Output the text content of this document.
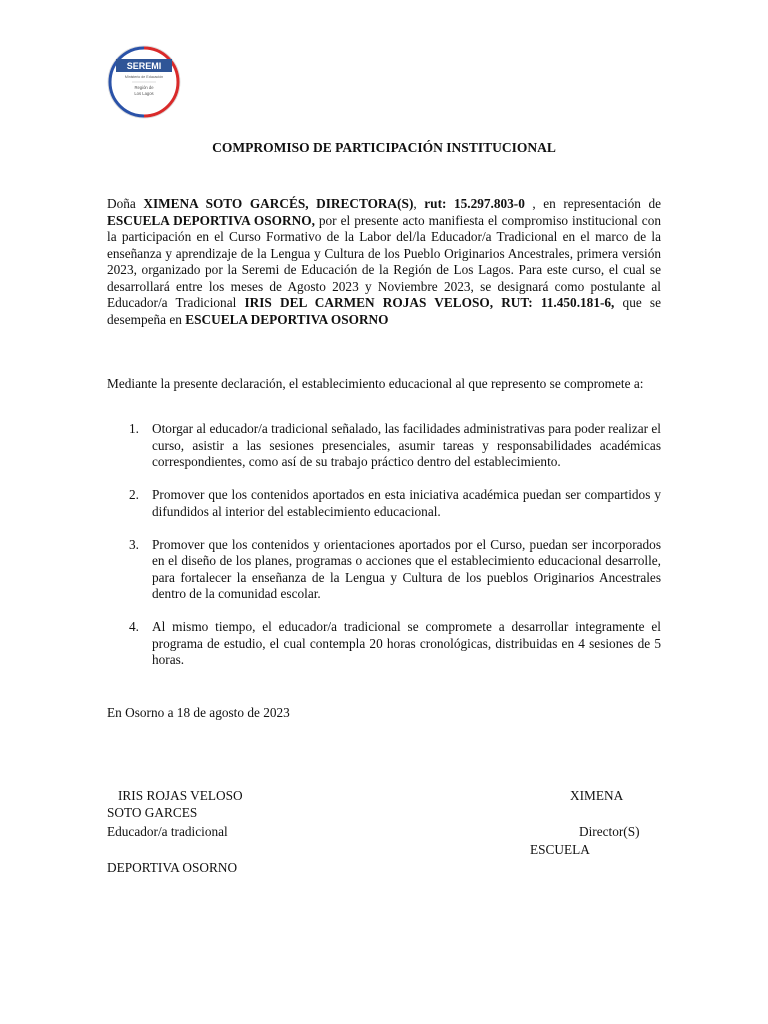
SEREMI
Ministerio de Educación
Región de
Los Lagos
COMPROMISO DE PARTICIPACIÓN INSTITUCIONAL
Doña XIMENA SOTO GARCÉS, DIRECTORA(S), rut: 15.297.803-0 , en representación de ESCUELA DEPORTIVA OSORNO, por el presente acto manifiesta el compromiso institucional con la participación en el Curso Formativo de la Labor del/la Educador/a Tradicional en el marco de la enseñanza y aprendizaje de la Lengua y Cultura de los Pueblo Originarios Ancestrales, primera versión 2023, organizado por la Seremi de Educación de la Región de Los Lagos. Para este curso, el cual se desarrollará entre los meses de Agosto 2023 y Noviembre 2023, se designará como postulante al Educador/a Tradicional IRIS DEL CARMEN ROJAS VELOSO, RUT: 11.450.181-6, que se desempeña en ESCUELA DEPORTIVA OSORNO
Mediante la presente declaración, el establecimiento educacional al que represento se compromete a:
1. Otorgar al educador/a tradicional señalado, las facilidades administrativas para poder realizar el curso, asistir a las sesiones presenciales, asumir tareas y responsabilidades académicas correspondientes, como así de su trabajo práctico dentro del establecimiento.
2. Promover que los contenidos aportados en esta iniciativa académica puedan ser compartidos y difundidos al interior del establecimiento educacional.
3. Promover que los contenidos y orientaciones aportados por el Curso, puedan ser incorporados en el diseño de los planes, programas o acciones que el establecimiento educacional desarrolle, para fortalecer la enseñanza de la Lengua y Cultura de los pueblos Originarios Ancestrales dentro de la comunidad escolar.
4. Al mismo tiempo, el educador/a tradicional se compromete a desarrollar integramente el programa de estudio, el cual contempla 20 horas cronológicas, distribuidas en 4 sesiones de 5 horas.
En Osorno a 18 de agosto de 2023
IRIS ROJAS VELOSO	XIMENA
SOTO GARCES
Educador/a tradicional	Director(S)
ESCUELA
DEPORTIVA OSORNO
